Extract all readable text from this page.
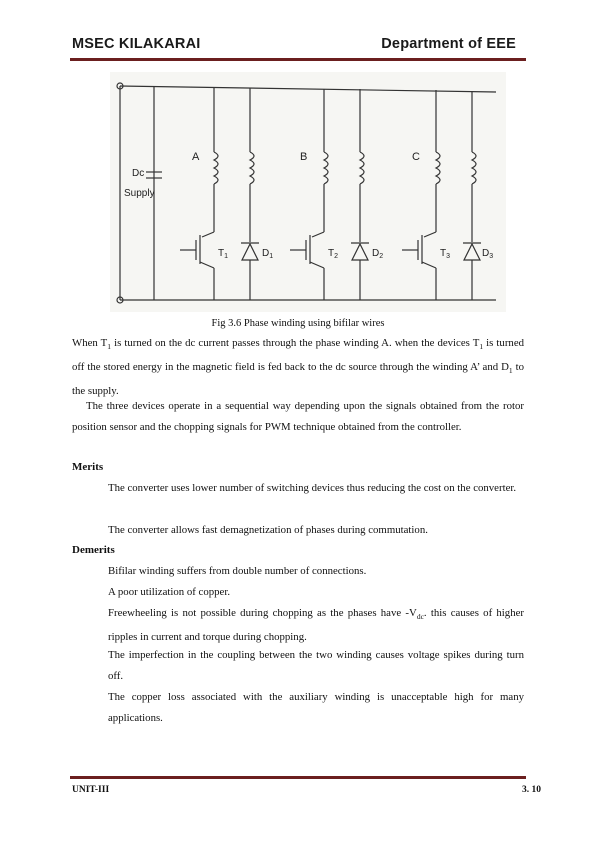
MSEC KILAKARAI	Department of EEE
Dc
Supply
A	B	C
$T_1$	$D_1$	$T_2$	$D_2$	$T_3$	$D_3$
Fig 3.6 Phase winding using bifilar wires

When $T_1$ is turned on the dc current passes through the phase winding A. when the devices $T_1$ is turned off the stored energy in the magnetic field is fed back to the dc source through the winding A’ and $D_1$ to the supply.

The three devices operate in a sequential way depending upon the signals obtained from the rotor position sensor and the chopping signals for PWM technique obtained from the controller.

Merits

The converter uses lower number of switching devices thus reducing the cost on the converter.

The converter allows fast demagnetization of phases during commutation.

Demerits

Bifilar winding suffers from double number of connections.

A poor utilization of copper.

Freewheeling is not possible during chopping as the phases have $-V_{dc}$. this causes of higher ripples in current and torque during chopping.

The imperfection in the coupling between the two winding causes voltage spikes during turn off.

The copper loss associated with the auxiliary winding is unacceptable high for many applications.

UNIT-III	3. 10
